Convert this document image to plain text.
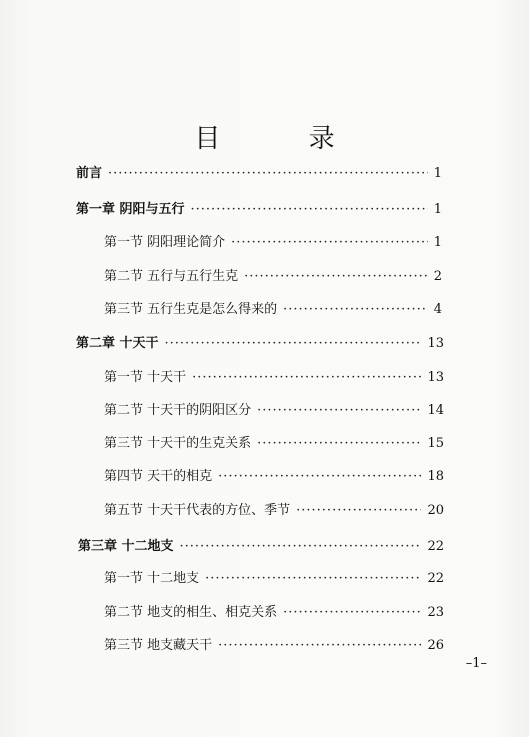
目 录
前言 ·····	1
第一章 阴阳与五行 ·····	1
第一节 阴阳理论简介 ·····	1
第二节 五行与五行生克 ·····	2
第三节 五行生克是怎么得来的 ·····	4
第二章 十天干 ·····	13
第一节 十天干 ·····	13
第二节 十天干的阴阳区分 ·····	14
第三节 十天干的生克关系 ·····	15
第四节 天干的相克 ·····	18
第五节 十天干代表的方位、季节 ·····	20
第三章 十二地支 ·····	22
第一节 十二地支 ·····	22
第二节 地支的相生、相克关系 ·····	23
第三节 地支藏天干 ·····	26
–1–
